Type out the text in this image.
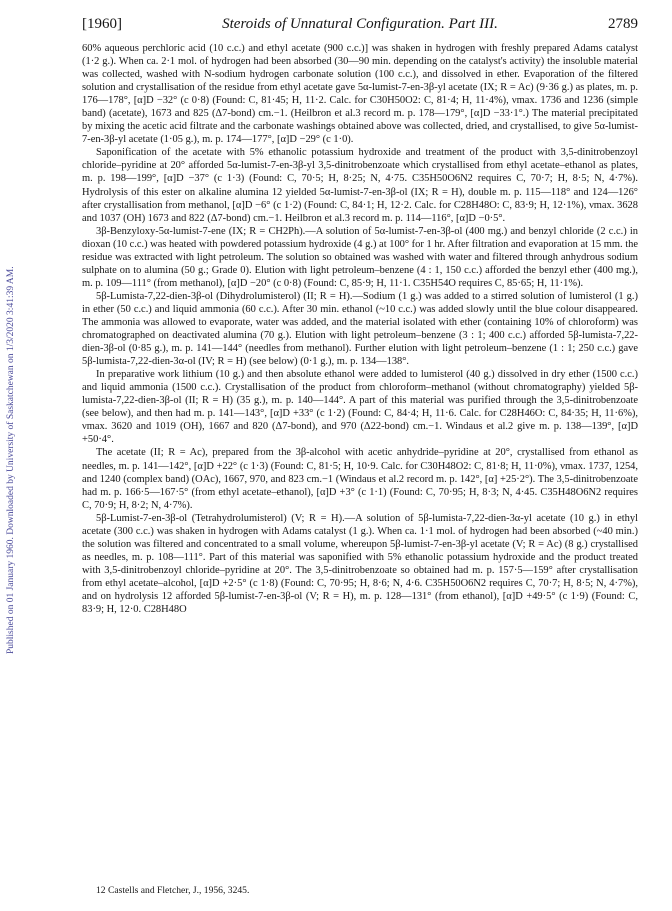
Published on 01 January 1960. Downloaded by University of Saskatchewan on 1/3/2020 3:41:39 AM.
[1960]	Steroids of Unnatural Configuration. Part III.	2789

60% aqueous perchloric acid (10 c.c.) and ethyl acetate (900 c.c.)] was shaken in hydrogen with freshly prepared Adams catalyst (1·2 g.). When ca. 2·1 mol. of hydrogen had been absorbed (30—90 min. depending on the catalyst's activity) the insoluble material was collected, washed with N-sodium hydrogen carbonate solution (100 c.c.), and dissolved in ether. Evaporation of the filtered solution and crystallisation of the residue from ethyl acetate gave 5α-lumist-7-en-3β-yl acetate (IX; R = Ac) (9·36 g.) as plates, m. p. 176—178°, [α]D −32° (c 0·8) (Found: C, 81·45; H, 11·2. Calc. for C30H50O2: C, 81·4; H, 11·4%), νmax. 1736 and 1236 (simple band) (acetate), 1673 and 825 (Δ7-bond) cm.−1. (Heilbron et al.3 record m. p. 178—179°, [α]D −33·1°.) The material precipitated by mixing the acetic acid filtrate and the carbonate washings obtained above was collected, dried, and crystallised, to give 5α-lumist-7-en-3β-yl acetate (1·05 g.), m. p. 174—177°, [α]D −29° (c 1·0).

Saponification of the acetate with 5% ethanolic potassium hydroxide and treatment of the product with 3,5-dinitrobenzoyl chloride–pyridine at 20° afforded 5α-lumist-7-en-3β-yl 3,5-dinitrobenzoate which crystallised from ethyl acetate–ethanol as plates, m. p. 198—199°, [α]D −37° (c 1·3) (Found: C, 70·5; H, 8·25; N, 4·75. C35H50O6N2 requires C, 70·7; H, 8·5; N, 4·7%). Hydrolysis of this ester on alkaline alumina 12 yielded 5α-lumist-7-en-3β-ol (IX; R = H), double m. p. 115—118° and 124—126° after crystallisation from methanol, [α]D −6° (c 1·2) (Found: C, 84·1; H, 12·2. Calc. for C28H48O: C, 83·9; H, 12·1%), νmax. 3628 and 1037 (OH) 1673 and 822 (Δ7-bond) cm.−1. Heilbron et al.3 record m. p. 114—116°, [α]D −0·5°.

3β-Benzyloxy-5α-lumist-7-ene (IX; R = CH2Ph).—A solution of 5α-lumist-7-en-3β-ol (400 mg.) and benzyl chloride (2 c.c.) in dioxan (10 c.c.) was heated with powdered potassium hydroxide (4 g.) at 100° for 1 hr. After filtration and evaporation at 15 mm. the residue was extracted with light petroleum. The solution so obtained was washed with water and filtered through anhydrous sodium sulphate on to alumina (50 g.; Grade 0). Elution with light petroleum–benzene (4 : 1, 150 c.c.) afforded the benzyl ether (400 mg.), m. p. 109—111° (from methanol), [α]D −20° (c 0·8) (Found: C, 85·9; H, 11·1. C35H54O requires C, 85·65; H, 11·1%).

5β-Lumista-7,22-dien-3β-ol (Dihydrolumisterol) (II; R = H).—Sodium (1 g.) was added to a stirred solution of lumisterol (1 g.) in ether (50 c.c.) and liquid ammonia (60 c.c.). After 30 min. ethanol (~10 c.c.) was added slowly until the blue colour disappeared. The ammonia was allowed to evaporate, water was added, and the material isolated with ether (containing 10% of chloroform) was chromatographed on deactivated alumina (70 g.). Elution with light petroleum–benzene (3 : 1; 400 c.c.) afforded 5β-lumista-7,22-dien-3β-ol (0·85 g.), m. p. 141—144° (needles from methanol). Further elution with light petroleum–benzene (1 : 1; 250 c.c.) gave 5β-lumista-7,22-dien-3α-ol (IV; R = H) (see below) (0·1 g.), m. p. 134—138°.

In preparative work lithium (10 g.) and then absolute ethanol were added to lumisterol (40 g.) dissolved in dry ether (1500 c.c.) and liquid ammonia (1500 c.c.). Crystallisation of the product from chloroform–methanol (without chromatography) yielded 5β-lumista-7,22-dien-3β-ol (II; R = H) (35 g.), m. p. 140—144°. A part of this material was purified through the 3,5-dinitrobenzoate (see below), and then had m. p. 141—143°, [α]D +33° (c 1·2) (Found: C, 84·4; H, 11·6. Calc. for C28H46O: C, 84·35; H, 11·6%), νmax. 3620 and 1019 (OH), 1667 and 820 (Δ7-bond), and 970 (Δ22-bond) cm.−1. Windaus et al.2 give m. p. 138—139°, [α]D +50·4°.

The acetate (II; R = Ac), prepared from the 3β-alcohol with acetic anhydride–pyridine at 20°, crystallised from ethanol as needles, m. p. 141—142°, [α]D +22° (c 1·3) (Found: C, 81·5; H, 10·9. Calc. for C30H48O2: C, 81·8; H, 11·0%), νmax. 1737, 1254, and 1240 (complex band) (OAc), 1667, 970, and 823 cm.−1 (Windaus et al.2 record m. p. 142°, [α] +25·2°). The 3,5-dinitrobenzoate had m. p. 166·5—167·5° (from ethyl acetate–ethanol), [α]D +3° (c 1·1) (Found: C, 70·95; H, 8·3; N, 4·45. C35H48O6N2 requires C, 70·9; H, 8·2; N, 4·7%).

5β-Lumist-7-en-3β-ol (Tetrahydrolumisterol) (V; R = H).—A solution of 5β-lumista-7,22-dien-3α-yl acetate (10 g.) in ethyl acetate (300 c.c.) was shaken in hydrogen with Adams catalyst (1 g.). When ca. 1·1 mol. of hydrogen had been absorbed (~40 min.) the solution was filtered and concentrated to a small volume, whereupon 5β-lumist-7-en-3β-yl acetate (V; R = Ac) (8 g.) crystallised as needles, m. p. 108—111°. Part of this material was saponified with 5% ethanolic potassium hydroxide and the product treated with 3,5-dinitrobenzoyl chloride–pyridine at 20°. The 3,5-dinitrobenzoate so obtained had m. p. 157·5—159° after crystallisation from ethyl acetate–alcohol, [α]D +2·5° (c 1·8) (Found: C, 70·95; H, 8·6; N, 4·6. C35H50O6N2 requires C, 70·7; H, 8·5; N, 4·7%), and on hydrolysis 12 afforded 5β-lumist-7-en-3β-ol (V; R = H), m. p. 128—131° (from ethanol), [α]D +49·5° (c 1·9) (Found: C, 83·9; H, 12·0. C28H48O

12 Castells and Fletcher, J., 1956, 3245.
